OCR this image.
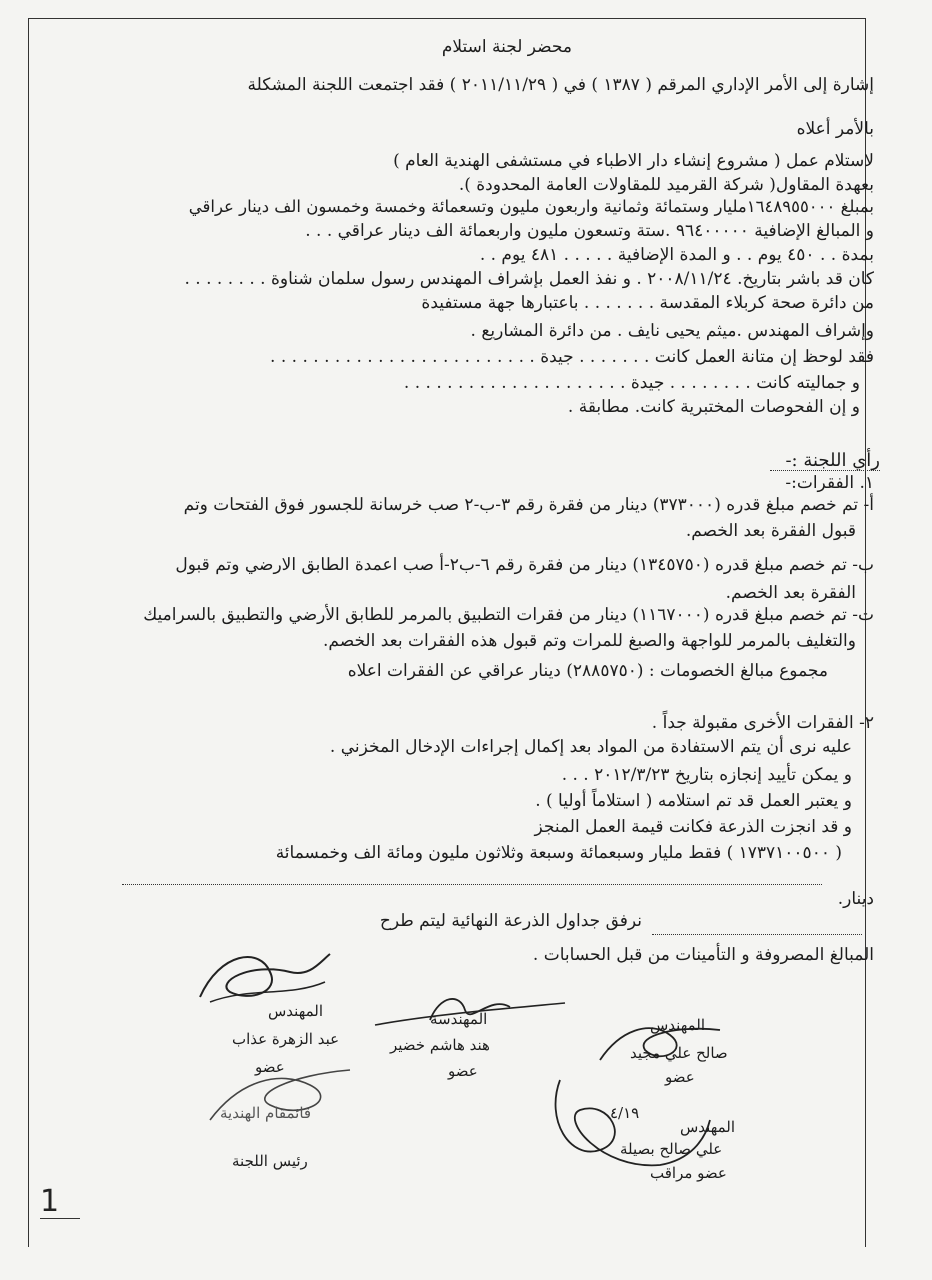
محضر لجنة استلام
إشارة إلى الأمر الإداري المرقم ( ١٣٨٧ ) في ( ٢٠١١/١١/٢٩ ) فقد اجتمعت اللجنة المشكلة
بالأمر أعلاه
لاستلام عمل ( مشروع إنشاء دار الاطباء في مستشفى الهندية العام )
بعهدة المقاول( شركة القرميد للمقاولات العامة المحدودة ).
بمبلغ ١٦٤٨٩٥٥٠٠٠مليار وستمائة وثمانية واربعون مليون وتسعمائة وخمسة وخمسون الف دينار عراقي
و المبالغ الإضافية ٩٦٤٠٠٠٠٠ .ستة وتسعون مليون واربعمائة الف دينار عراقي . . .
بمدة . . ٤٥٠ يوم . . و المدة الإضافية . . . . . ٤٨١ يوم . .
كان قد باشر بتاريخ. ٢٠٠٨/١١/٢٤ . و نفذ العمل بإشراف المهندس رسول سلمان شناوة . . . . . . . .
من دائرة صحة كربلاء المقدسة . . . . . . . باعتبارها جهة مستفيدة
وإشراف المهندس .ميثم يحيى نايف . من دائرة المشاريع .
فقد لوحظ إن متانة العمل كانت . . . . . . . جيدة . . . . . . . . . . . . . . . . . . . . . . . . .
و جماليته كانت . . . . . . . . جيدة . . . . . . . . . . . . . . . . . . . . .
و إن الفحوصات المختبرية كانت. مطابقة .
رأي اللجنة :-
١. الفقرات:-
أ- تم خصم مبلغ قدره (٣٧٣٠٠٠) دينار من فقرة رقم ٣-ب-٢ صب خرسانة للجسور فوق الفتحات وتم
قبول الفقرة بعد الخصم.
ب- تم خصم مبلغ قدره (١٣٤٥٧٥٠) دينار من فقرة رقم ٦-ب٢-أ صب اعمدة الطابق الارضي وتم قبول
الفقرة بعد الخصم.
ت- تم خصم مبلغ قدره (١١٦٧٠٠٠) دينار من فقرات التطبيق بالمرمر للطابق الأرضي والتطبيق بالسراميك
والتغليف بالمرمر للواجهة والصبغ للمرات وتم قبول هذه الفقرات بعد الخصم.
مجموع مبالغ الخصومات : (٢٨٨٥٧٥٠) دينار عراقي عن الفقرات اعلاه
٢- الفقرات الأخرى مقبولة جداً .
عليه نرى أن يتم الاستفادة من المواد بعد إكمال إجراءات الإدخال المخزني .
و يمكن تأييد إنجازه بتاريخ ٢٠١٢/٣/٢٣ . . .
و يعتبر العمل قد تم استلامه ( استلاماً أوليا ) .
و قد انجزت الذرعة فكانت قيمة العمل المنجز
( ١٧٣٧١٠٠٥٠٠ ) فقط مليار وسبعمائة وسبعة وثلاثون مليون ومائة الف وخمسمائة
دينار.
نرفق جداول الذرعة النهائية ليتم طرح
المبالغ المصروفة و التأمينات من قبل الحسابات .
المهندس
عبد الزهرة عذاب
عضو
المهندسة
هند هاشم خضير
عضو
المهندس
صالح علي مجيد
عضو
٤/١٩
المهندس
علي صالح بصيلة
عضو مراقب
قائمقام الهندية
رئيس اللجنة
1
